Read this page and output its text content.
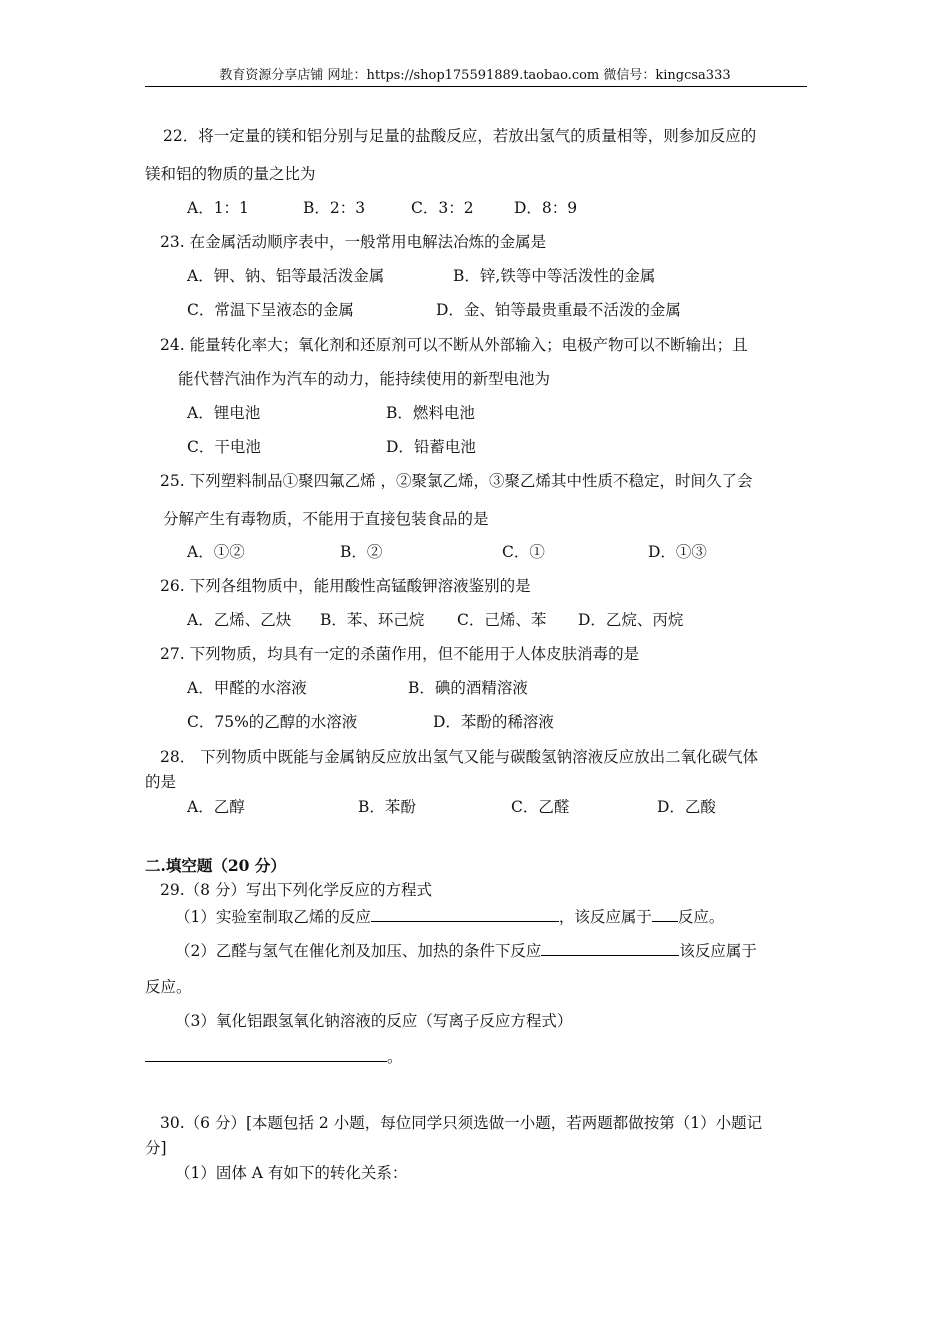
教育资源分享店铺 网址：https://shop175591889.taobao.com 微信号：kingcsa333
22．将一定量的镁和铝分别与足量的盐酸反应，若放出氢气的质量相等，则参加反应的
镁和铝的物质的量之比为
A．1：1	B．2：3	C．3：2	D．8：9
23. 在金属活动顺序表中，一般常用电解法冶炼的金属是
A．钾、钠、铝等最活泼金属	B．锌,铁等中等活泼性的金属
C．常温下呈液态的金属	D．金、铂等最贵重最不活泼的金属
24. 能量转化率大；氧化剂和还原剂可以不断从外部输入；电极产物可以不断输出；且
能代替汽油作为汽车的动力，能持续使用的新型电池为
A．锂电池	B．燃料电池
C．干电池	D．铅蓄电池
25. 下列塑料制品①聚四氟乙烯 ，②聚氯乙烯，③聚乙烯其中性质不稳定，时间久了会
分解产生有毒物质，不能用于直接包装食品的是
A．①②	B．②	C．①	D．①③
26. 下列各组物质中，能用酸性高锰酸钾溶液鉴别的是
A．乙烯、乙炔 B．苯、环己烷 C．己烯、苯 D．乙烷、丙烷
27. 下列物质，均具有一定的杀菌作用，但不能用于人体皮肤消毒的是
A．甲醛的水溶液	B．碘的酒精溶液
C．75%的乙醇的水溶液	D．苯酚的稀溶液
28． 下列物质中既能与金属钠反应放出氢气又能与碳酸氢钠溶液反应放出二氧化碳气体
的是
A．乙醇	B．苯酚	C．乙醛	D．乙酸
二.填空题（20 分）
29.（8 分）写出下列化学反应的方程式
（1）实验室制取乙烯的反应	，该反应属于 反应。
（2）乙醛与氢气在催化剂及加压、加热的条件下反应	该反应属于
反应。
（3）氧化铝跟氢氧化钠溶液的反应（写离子反应方程式）
。
30.（6 分）[本题包括 2 小题，每位同学只须选做一小题，若两题都做按第（1）小题记
分]
（1）固体 A 有如下的转化关系：
